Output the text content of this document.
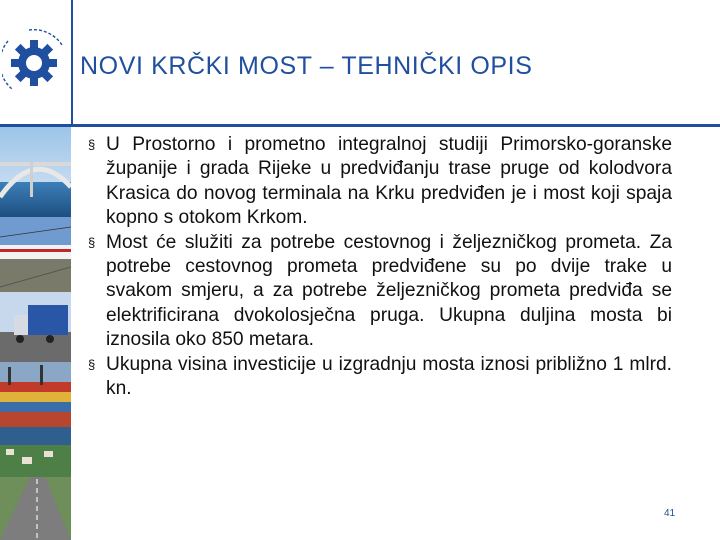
NOVI KRČKI MOST – TEHNIČKI OPIS
§ U Prostorno i prometno integralnoj studiji Primorsko-goranske županije i grada Rijeke u predviđanju trase pruge od kolodvora Krasica do novog terminala na Krku predviđen je i most koji spaja kopno s otokom Krkom.
§ Most će služiti za potrebe cestovnog i željezničkog prometa. Za potrebe cestovnog prometa predviđene su po dvije trake u svakom smjeru, a za potrebe željezničkog prometa predviđa se elektrificirana dvokolosječna pruga. Ukupna duljina mosta bi iznosila oko 850 metara.
§ Ukupna visina investicije u izgradnju mosta iznosi približno 1 mlrd. kn.
41
